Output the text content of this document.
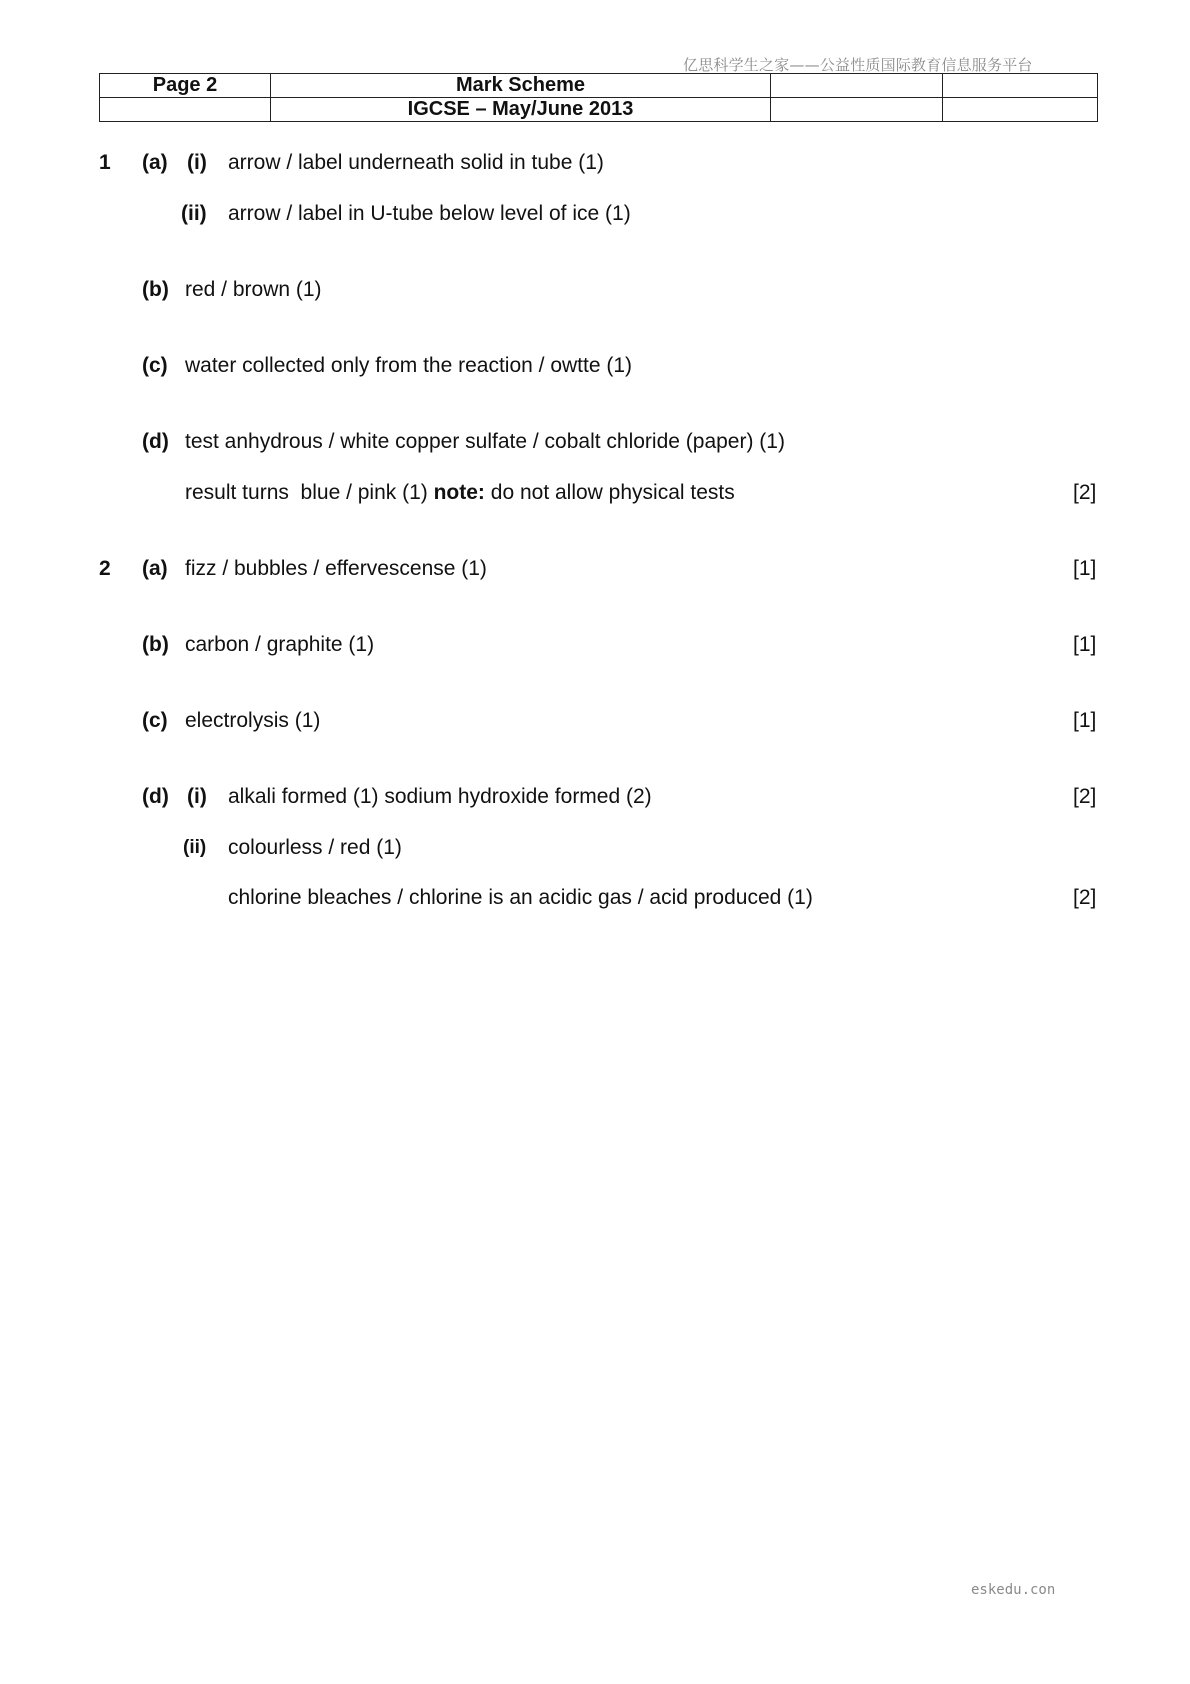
亿思科学生之家——公益性质国际教育信息服务平台
Page 2	Mark Scheme		
	IGCSE – May/June 2013		
1 (a) (i) arrow / label underneath solid in tube (1)
(ii) arrow / label in U-tube below level of ice (1)
(b) red / brown (1)
(c) water collected only from the reaction / owtte (1)
(d) test anhydrous / white copper sulfate / cobalt chloride (paper) (1)
result turns  blue / pink (1) note: do not allow physical tests	[2]
2 (a) fizz / bubbles / effervescense (1)	[1]
(b) carbon / graphite (1)	[1]
(c) electrolysis (1)	[1]
(d) (i) alkali formed (1) sodium hydroxide formed (2)	[2]
(ii) colourless / red (1)
chlorine bleaches / chlorine is an acidic gas / acid produced (1)	[2]
eskedu.con
